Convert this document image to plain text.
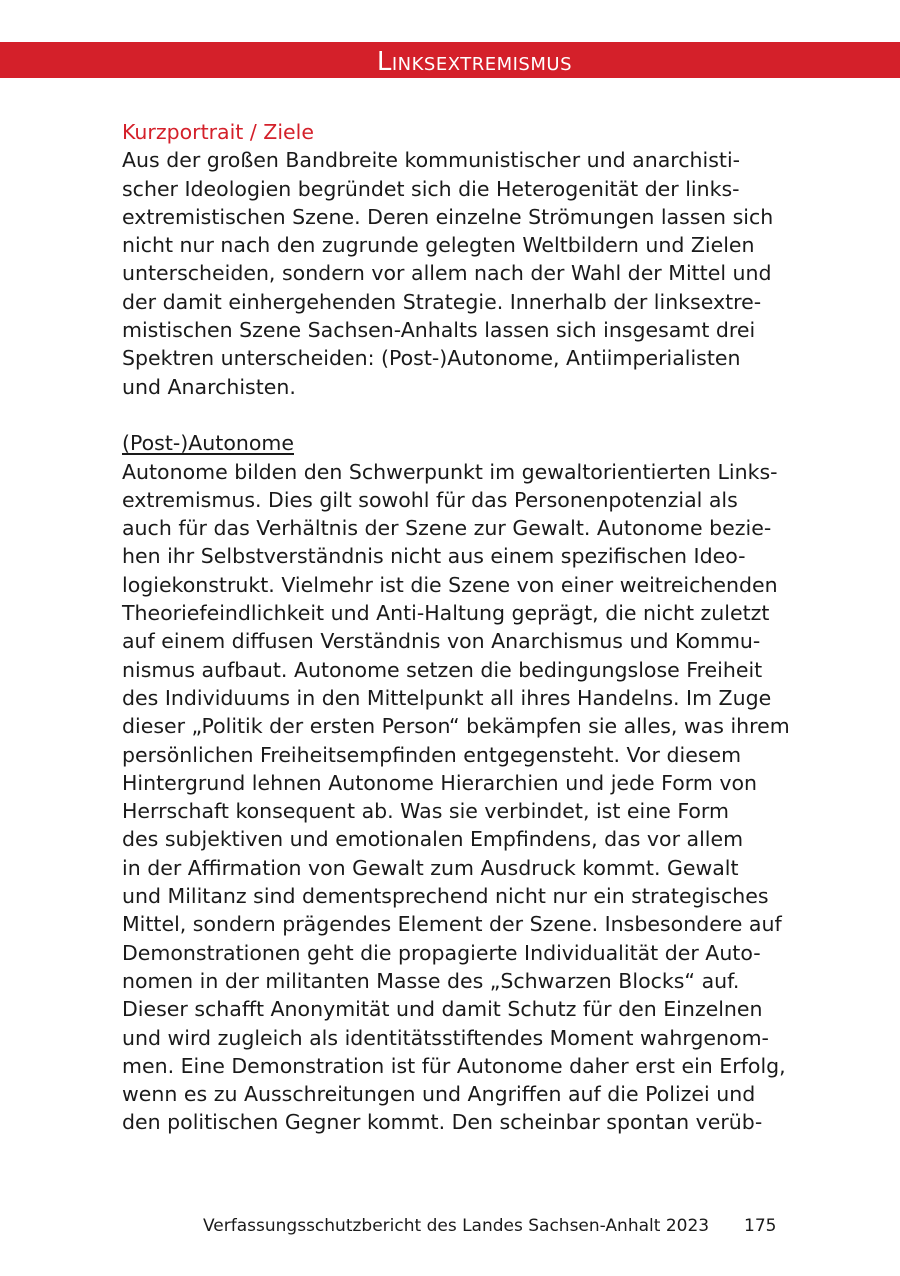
Linksextremismus
Kurzportrait / Ziele
Aus der großen Bandbreite kommunistischer und anarchisti-
scher Ideologien begründet sich die Heterogenität der links-
extremistischen Szene. Deren einzelne Strömungen lassen sich
nicht nur nach den zugrunde gelegten Weltbildern und Zielen
unterscheiden, sondern vor allem nach der Wahl der Mittel und
der damit einhergehenden Strategie. Innerhalb der linksextre-
mistischen Szene Sachsen-Anhalts lassen sich insgesamt drei
Spektren unterscheiden: (Post-)Autonome, Antiimperialisten
und Anarchisten.
(Post-)Autonome
Autonome bilden den Schwerpunkt im gewaltorientierten Links-
extremismus. Dies gilt sowohl für das Personenpotenzial als
auch für das Verhältnis der Szene zur Gewalt. Autonome bezie-
hen ihr Selbstverständnis nicht aus einem spezifischen Ideo-
logiekonstrukt. Vielmehr ist die Szene von einer weitreichenden
Theoriefeindlichkeit und Anti-Haltung geprägt, die nicht zuletzt
auf einem diffusen Verständnis von Anarchismus und Kommu-
nismus aufbaut. Autonome setzen die bedingungslose Freiheit
des Individuums in den Mittelpunkt all ihres Handelns. Im Zuge
dieser „Politik der ersten Person“ bekämpfen sie alles, was ihrem
persönlichen Freiheitsempfinden entgegensteht. Vor diesem
Hintergrund lehnen Autonome Hierarchien und jede Form von
Herrschaft konsequent ab. Was sie verbindet, ist eine Form
des subjektiven und emotionalen Empfindens, das vor allem
in der Affirmation von Gewalt zum Ausdruck kommt. Gewalt
und Militanz sind dementsprechend nicht nur ein strategisches
Mittel, sondern prägendes Element der Szene. Insbesondere auf
Demonstrationen geht die propagierte Individualität der Auto-
nomen in der militanten Masse des „Schwarzen Blocks“ auf.
Dieser schafft Anonymität und damit Schutz für den Einzelnen
und wird zugleich als identitätsstiftendes Moment wahrgenom-
men. Eine Demonstration ist für Autonome daher erst ein Erfolg,
wenn es zu Ausschreitungen und Angriffen auf die Polizei und
den politischen Gegner kommt. Den scheinbar spontan verüb-
Verfassungsschutzbericht des Landes Sachsen-Anhalt 2023 175
